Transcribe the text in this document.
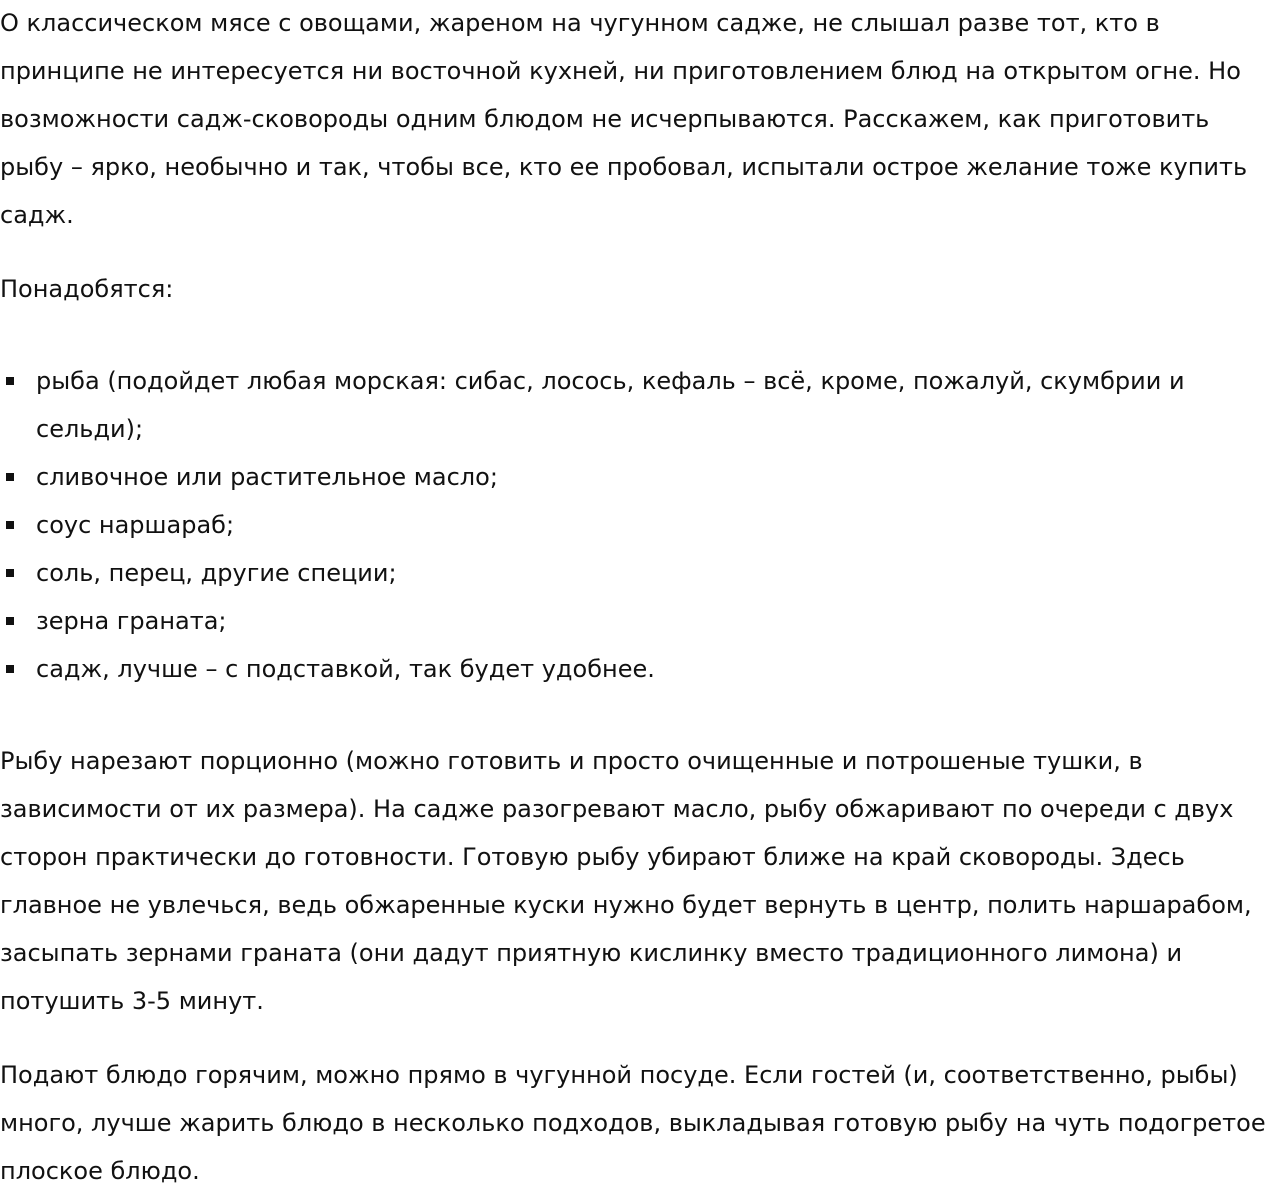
О классическом мясе с овощами, жареном на чугунном садже, не слышал разве тот, кто в принципе не интересуется ни восточной кухней, ни приготовлением блюд на открытом огне. Но возможности садж-сковороды одним блюдом не исчерпываются. Расскажем, как приготовить рыбу – ярко, необычно и так, чтобы все, кто ее пробовал, испытали острое желание тоже купить садж.

Понадобятся:

рыба (подойдет любая морская: сибас, лосось, кефаль – всё, кроме, пожалуй, скумбрии и сельди);
сливочное или растительное масло;
соус наршараб;
соль, перец, другие специи;
зерна граната;
садж, лучше – с подставкой, так будет удобнее.

Рыбу нарезают порционно (можно готовить и просто очищенные и потрошеные тушки, в зависимости от их размера). На садже разогревают масло, рыбу обжаривают по очереди с двух сторон практически до готовности. Готовую рыбу убирают ближе на край сковороды. Здесь главное не увлечься, ведь обжаренные куски нужно будет вернуть в центр, полить наршарабом, засыпать зернами граната (они дадут приятную кислинку вместо традиционного лимона) и потушить 3-5 минут.

Подают блюдо горячим, можно прямо в чугунной посуде. Если гостей (и, соответственно, рыбы) много, лучше жарить блюдо в несколько подходов, выкладывая готовую рыбу на чуть подогретое плоское блюдо.
